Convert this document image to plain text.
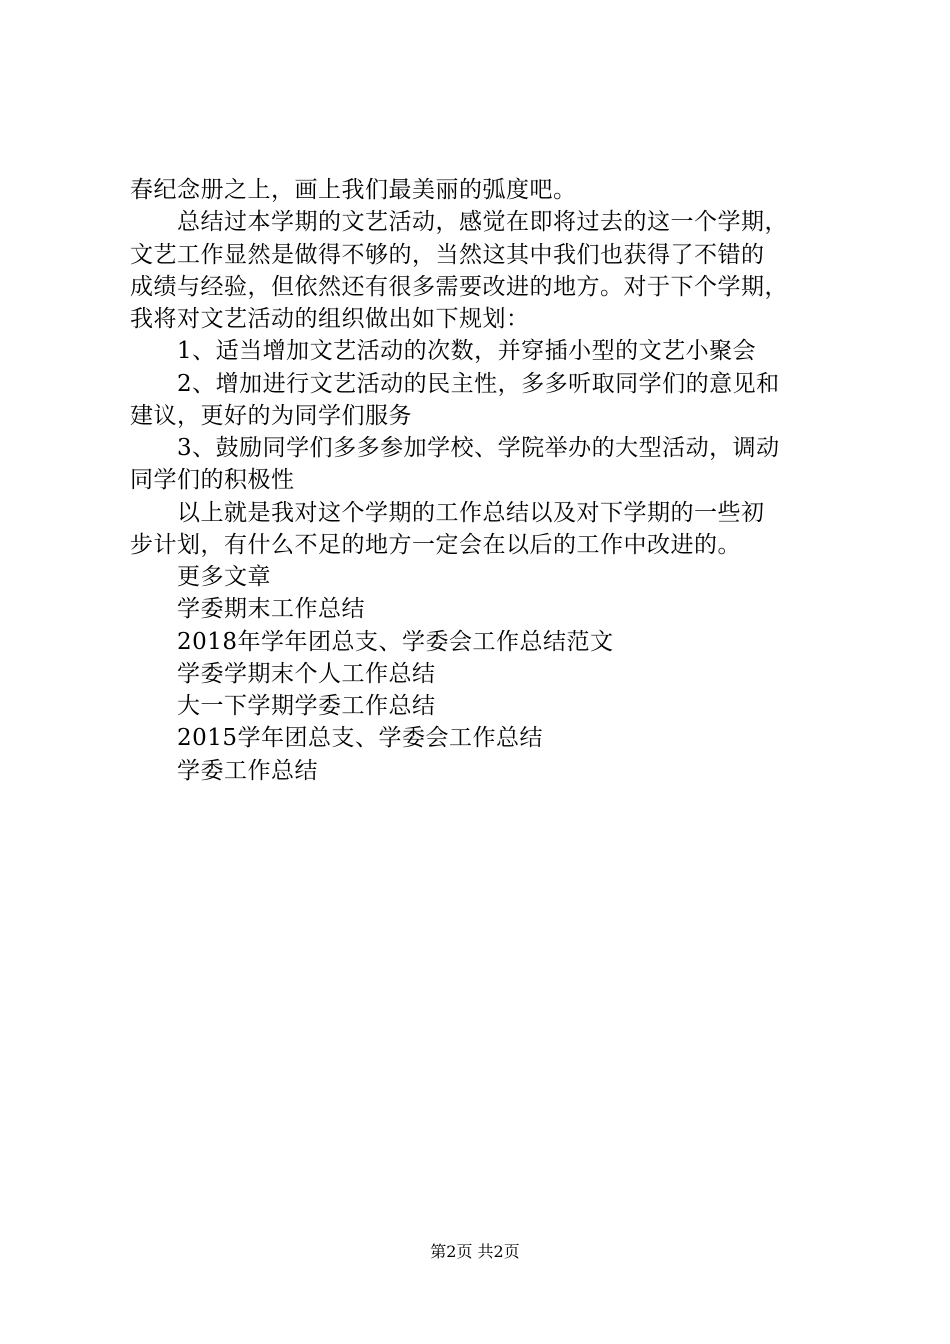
春纪念册之上，画上我们最美丽的弧度吧。
总结过本学期的文艺活动，感觉在即将过去的这一个学期，
文艺工作显然是做得不够的，当然这其中我们也获得了不错的
成绩与经验，但依然还有很多需要改进的地方。对于下个学期，
我将对文艺活动的组织做出如下规划：
1、适当增加文艺活动的次数，并穿插小型的文艺小聚会
2、增加进行文艺活动的民主性，多多听取同学们的意见和
建议，更好的为同学们服务
3、鼓励同学们多多参加学校、学院举办的大型活动，调动
同学们的积极性
以上就是我对这个学期的工作总结以及对下学期的一些初
步计划，有什么不足的地方一定会在以后的工作中改进的。
更多文章
学委期末工作总结
2018年学年团总支、学委会工作总结范文
学委学期末个人工作总结
大一下学期学委工作总结
2015学年团总支、学委会工作总结
学委工作总结
第2页 共2页
